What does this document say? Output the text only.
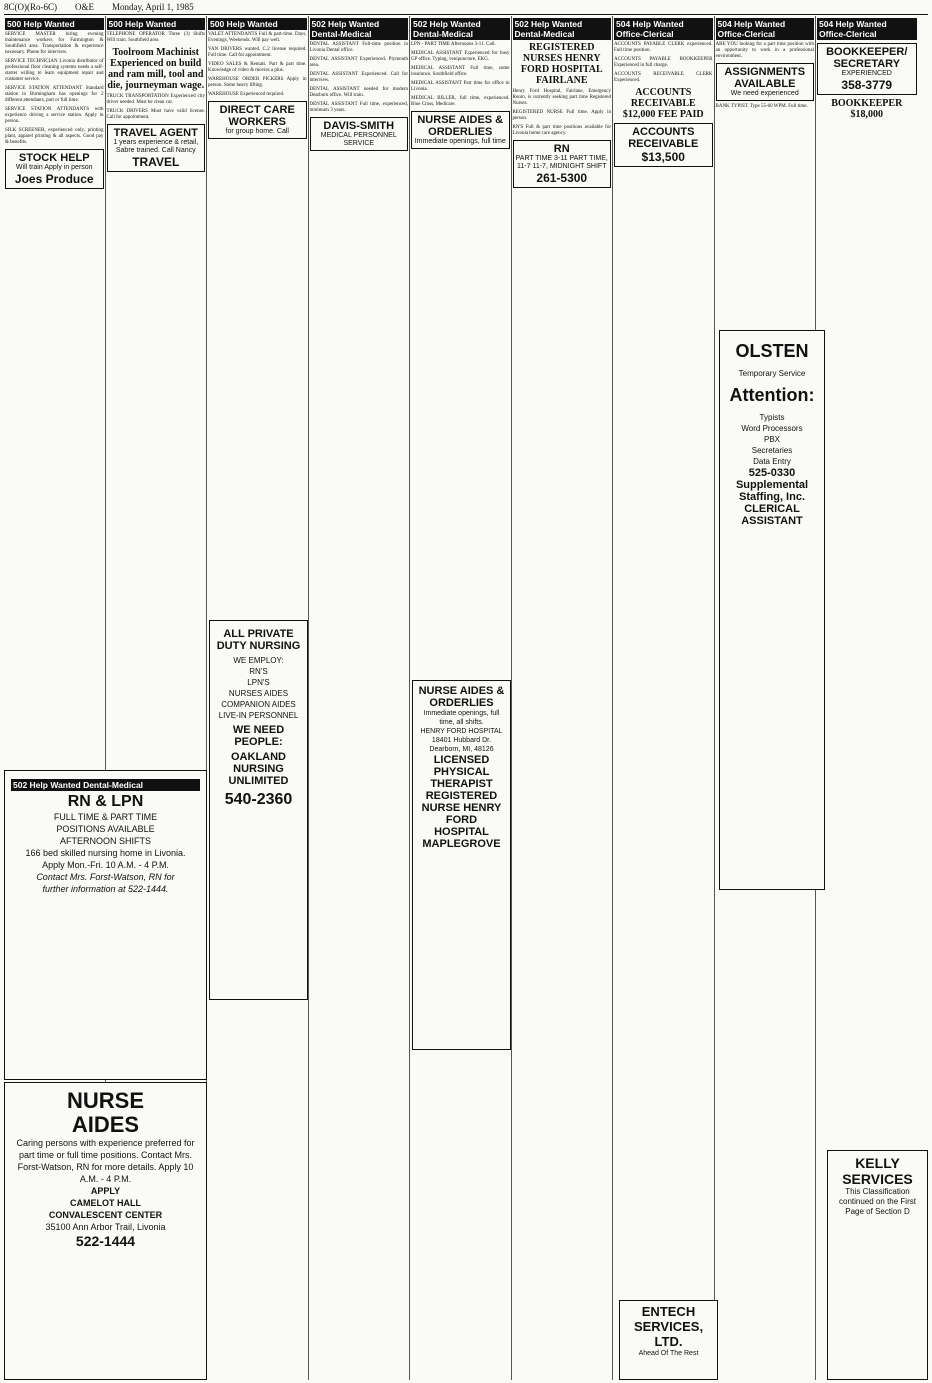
8C(O)(Ro-6C) O&E Monday, April 1, 1985
500 Help Wanted
SERVICE MASTER hiring evening maintenance workers for Farmington & Southfield area. Transportation & experience necessary. Phone for interview.
SERVICE TECHNICIAN Livonia distributor of professional floor cleaning systems needs a self-starter willing to learn equipment repair and customer service.
SERVICE STATION ATTENDANT Standard station in Birmingham has openings for 2 different attendants, part or full time.
SERVICE STATION ATTENDANTS with experience driving a service station. Apply in person.
SILK SCREENER, experienced only, printing plant, apparel printing & all aspects. Good pay & benefits.
STOCK HELP
Will train Apply in person
Joes Produce
500 Help Wanted
TELEPHONE OPERATOR Three (3) Shifts Will train. Southfield area
Toolroom Machinist Experienced on build and ram mill, tool and die, journeyman wage.
TRUCK TRANSPORTATION Experienced city driver needed. Must be clean cut.
TRUCK DRIVERS Must have valid license. Call for appointment.
TRAVEL AGENT
1 years experience & retail, Sabre trained. Call Nancy
TRAVEL
500 Help Wanted
VALET ATTENDANTS Full & part-time. Days, Evenings, Weekends. Will pay well.
VAN DRIVERS wanted. C.2 license required. Full time. Call for appointment.
VIDEO SALES & Rentals. Part & part time. Knowledge of video & movies a plus.
WAREHOUSE ORDER PICKERS Apply in person. Some heavy lifting.
WAREHOUSE Experienced required.
DIRECT CARE WORKERS
for group home. Call
502 Help Wanted Dental-Medical
DENTAL ASSISTANT Full-time position in Livonia Dental office.
DENTAL ASSISTANT Experienced. Plymouth area.
DENTAL ASSISTANT Experienced. Call for interview.
DENTAL ASSISTANT needed for modern Dearborn office. Will train.
DENTAL ASSISTANT Full time, experienced, minimum 3 years.
DAVIS-SMITH
MEDICAL PERSONNEL SERVICE
502 Help Wanted Dental-Medical
LPN - PART TIME Afternoons 3-11. Call.
MEDICAL ASSISTANT Experienced for busy GP office. Typing, venipuncture, EKG.
MEDICAL ASSISTANT Full time, some insurance. Southfield office.
MEDICAL ASSISTANT Part time for office in Livonia.
MEDICAL BILLER, full time, experienced. Blue Cross, Medicare.
NURSE AIDES & ORDERLIES
Immediate openings, full time
502 Help Wanted Dental-Medical
REGISTERED NURSES HENRY FORD HOSPITAL FAIRLANE
Henry Ford Hospital, Fairlane, Emergency Room, is currently seeking part time Registered Nurses.
REGISTERED NURSE Full time. Apply in person.
RN'S Full & part time positions available for Livonia home care agency.
RN
PART TIME 3-11 PART TIME, 11-7 11-7, MIDNIGHT SHIFT
261-5300
504 Help Wanted Office-Clerical
ACCOUNTS PAYABLE CLERK experienced. Full time position.
ACCOUNTS PAYABLE BOOKKEEPER Experienced in full charge.
ACCOUNTS RECEIVABLE CLERK Experienced.
ACCOUNTS RECEIVABLE $12,000 FEE PAID
ACCOUNTS RECEIVABLE
$13,500
504 Help Wanted Office-Clerical
ARE YOU looking for a part time position with an opportunity to work in a professional environment.
ASSIGNMENTS AVAILABLE
We need experienced
BANK TYPIST. Type 55-60 WPM. Full time.
504 Help Wanted Office-Clerical
BOOKKEEPER/ SECRETARY
EXPERIENCED
358-3779
BOOKKEEPER $18,000
502 Help Wanted Dental-Medical
RN & LPN
FULL TIME & PART TIME
POSITIONS AVAILABLE
AFTERNOON SHIFTS
166 bed skilled nursing home in Livonia.
Apply Mon.-Fri. 10 A.M. - 4 P.M.
Contact Mrs. Forst-Watson, RN for
further information at 522-1444.
NURSE
AIDES
Caring persons with experience preferred for part time or full time positions. Contact Mrs. Forst-Watson, RN for more details. Apply 10 A.M. - 4 P.M.
APPLY
CAMELOT HALL
CONVALESCENT CENTER
35100 Ann Arbor Trail, Livonia
522-1444
ALL PRIVATE DUTY NURSING
WE EMPLOY:
RN'S
LPN'S
NURSES AIDES
COMPANION AIDES
LIVE-IN PERSONNEL
WE NEED PEOPLE:
OAKLAND NURSING UNLIMITED
540-2360
NURSE AIDES & ORDERLIES
Immediate openings, full time, all shifts.
HENRY FORD HOSPITAL 18401 Hubbard Dr. Dearborn, MI, 48126
LICENSED PHYSICAL THERAPIST
REGISTERED NURSE HENRY FORD HOSPITAL MAPLEGROVE
OLSTEN
Temporary Service
Attention:
Typists
Word Processors
PBX
Secretaries
Data Entry
525-0330
Supplemental Staffing, Inc.
CLERICAL ASSISTANT
ENTECH SERVICES, LTD.
Ahead Of The Rest
KELLY SERVICES
This Classification continued on the First Page of Section D
